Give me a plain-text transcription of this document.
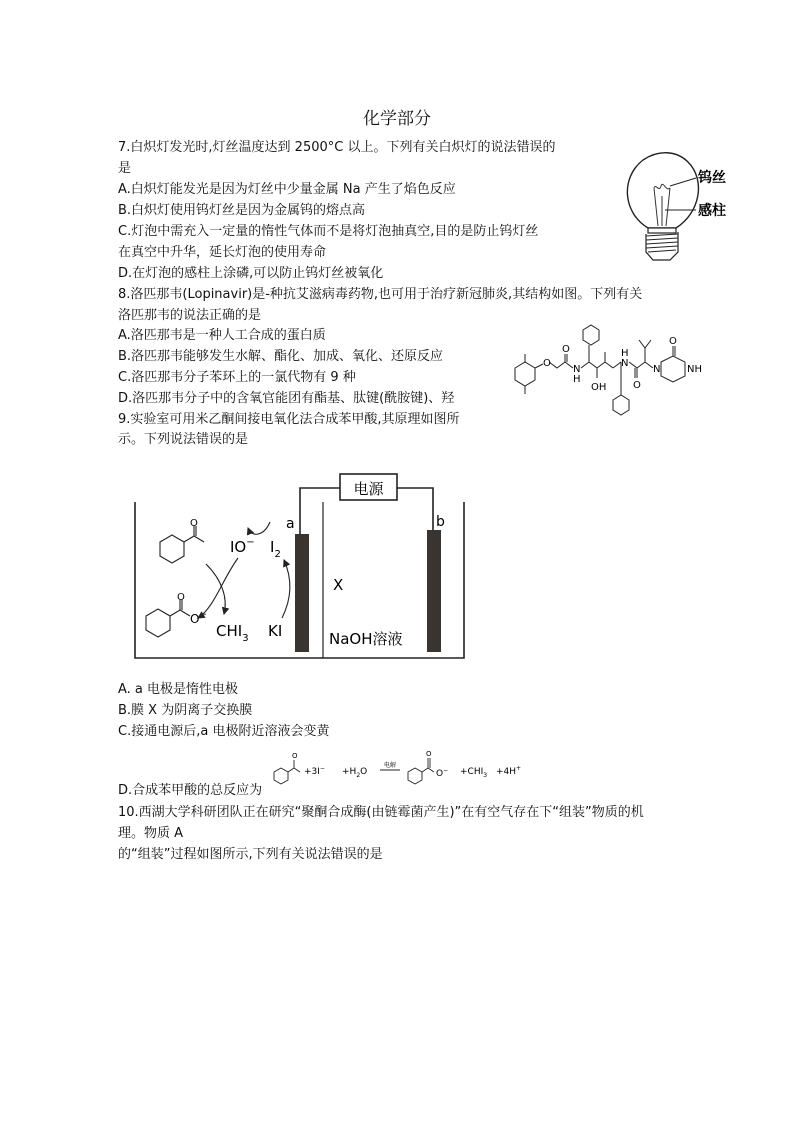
化学部分
7.白炽灯发光时,灯丝温度达到 2500°C 以上。下列有关白炽灯的说法错误的
是
A.白炽灯能发光是因为灯丝中少量金属 Na 产生了焰色反应
B.白炽灯使用钨灯丝是因为金属钨的熔点高
C.灯泡中需充入一定量的惰性气体而不是将灯泡抽真空,目的是防止钨灯丝
在真空中升华，延长灯泡的使用寿命
D.在灯泡的感柱上涂磷,可以防止钨灯丝被氧化
钨丝
感柱
8.洛匹那韦(Lopinavir)是-种抗艾滋病毒药物,也可用于治疗新冠肺炎,其结构如图。下列有关
洛匹那韦的说法正确的是
A.洛匹那韦是一种人工合成的蛋白质
B.洛匹那韦能够发生水解、酯化、加成、氧化、还原反应
C.洛匹那韦分子苯环上的一氯代物有 9 种
D.洛匹那韦分子中的含氧官能团有酯基、肽键(酰胺键)、羟
O
O
N
H
OH
N
H
O
N
O
NH
9.实验室可用米乙酮间接电氧化法合成苯甲酸,其原理如图所
示。下列说法错误的是
电源
a	b
X
NaOH溶液
O
O
O−
IO− $I_2$
$CHI_3$ KI
A. a 电极是惰性电极
B.膜 X 为阴离子交换膜
C.接通电源后,a 电极附近溶液会变黄
D.合成苯甲酸的总反应为
O	O
$+3I^- +H_2O$
电解
$O^- +CHI_3 +4H^+$
10.西湖大学科研团队正在研究“聚酮合成酶(由链霉菌产生)”在有空气存在下“组装”物质的机
理。物质 A
的“组装”过程如图所示,下列有关说法错误的是
